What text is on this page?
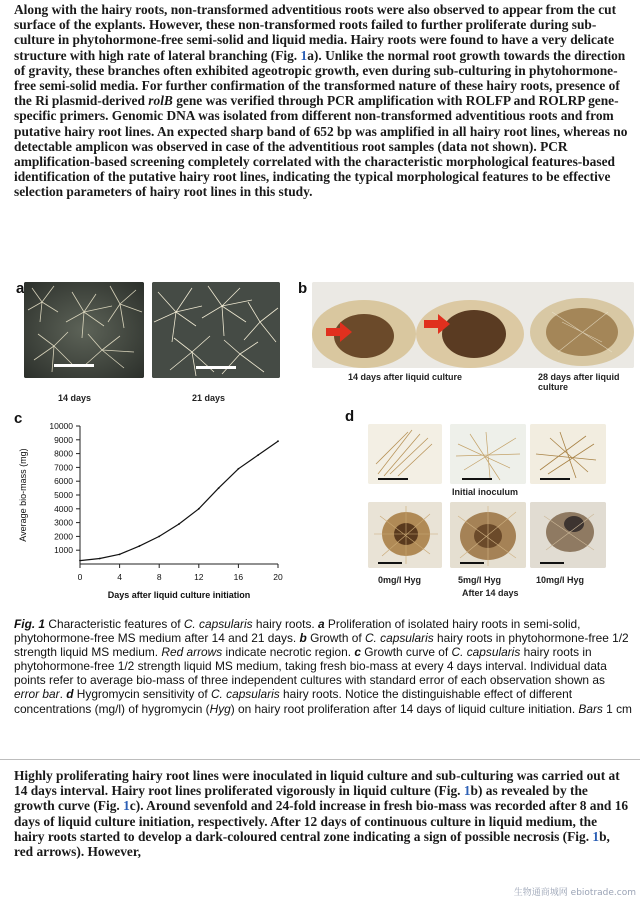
Along with the hairy roots, non-transformed adventitious roots were also observed to appear from the cut surface of the explants. However, these non-transformed roots failed to further proliferate during sub-culture in phytohormone-free semi-solid and liquid media. Hairy roots were found to have a very delicate structure with high rate of lateral branching (Fig. 1a). Unlike the normal root growth towards the direction of gravity, these branches often exhibited ageotropic growth, even during sub-culturing in phytohormone-free semi-solid media. For further confirmation of the transformed nature of these hairy roots, presence of the Ri plasmid-derived rolB gene was verified through PCR amplification with ROLFP and ROLRP gene-specific primers. Genomic DNA was isolated from different non-transformed adventitious roots and from putative hairy root lines. An expected sharp band of 652 bp was amplified in all hairy root lines, whereas no detectable amplicon was observed in case of the adventitious root samples (data not shown). PCR amplification-based screening completely correlated with the characteristic morphological features-based identification of the putative hairy root lines, indicating the typical morphological features to be effective selection parameters of hairy root lines in this study.
a
14 days	21 days
b
14 days after liquid culture	28 days after liquid culture
c
1000
2000
3000
4000
5000
6000
7000
8000
9000
10000
0	4	8	12	16	20
Days after liquid culture initiation
Average bio-mass (mg)
d
Initial inoculum
0mg/l Hyg	5mg/l Hyg	10mg/l Hyg
After 14 days
Fig. 1 Characteristic features of C. capsularis hairy roots. a Proliferation of isolated hairy roots in semi-solid, phytohormone-free MS medium after 14 and 21 days. b Growth of C. capsularis hairy roots in phytohormone-free 1/2 strength liquid MS medium. Red arrows indicate necrotic region. c Growth curve of C. capsularis hairy roots in phytohormone-free 1/2 strength liquid MS medium, taking fresh bio-mass at every 4 days interval. Individual data points refer to average bio-mass of three independent cultures with standard error of each observation shown as error bar. d Hygromycin sensitivity of C. capsularis hairy roots. Notice the distinguishable effect of different concentrations (mg/l) of hygromycin (Hyg) on hairy root proliferation after 14 days of liquid culture initiation. Bars 1 cm
Highly proliferating hairy root lines were inoculated in liquid culture and sub-culturing was carried out at 14 days interval. Hairy root lines proliferated vigorously in liquid culture (Fig. 1b) as revealed by the growth curve (Fig. 1c). Around sevenfold and 24-fold increase in fresh bio-mass was recorded after 8 and 16 days of liquid culture initiation, respectively. After 12 days of continuous culture in liquid medium, the hairy roots started to develop a dark-coloured central zone indicating a sign of possible necrosis (Fig. 1b, red arrows). However,
生物通商城网 ebiotrade.com
